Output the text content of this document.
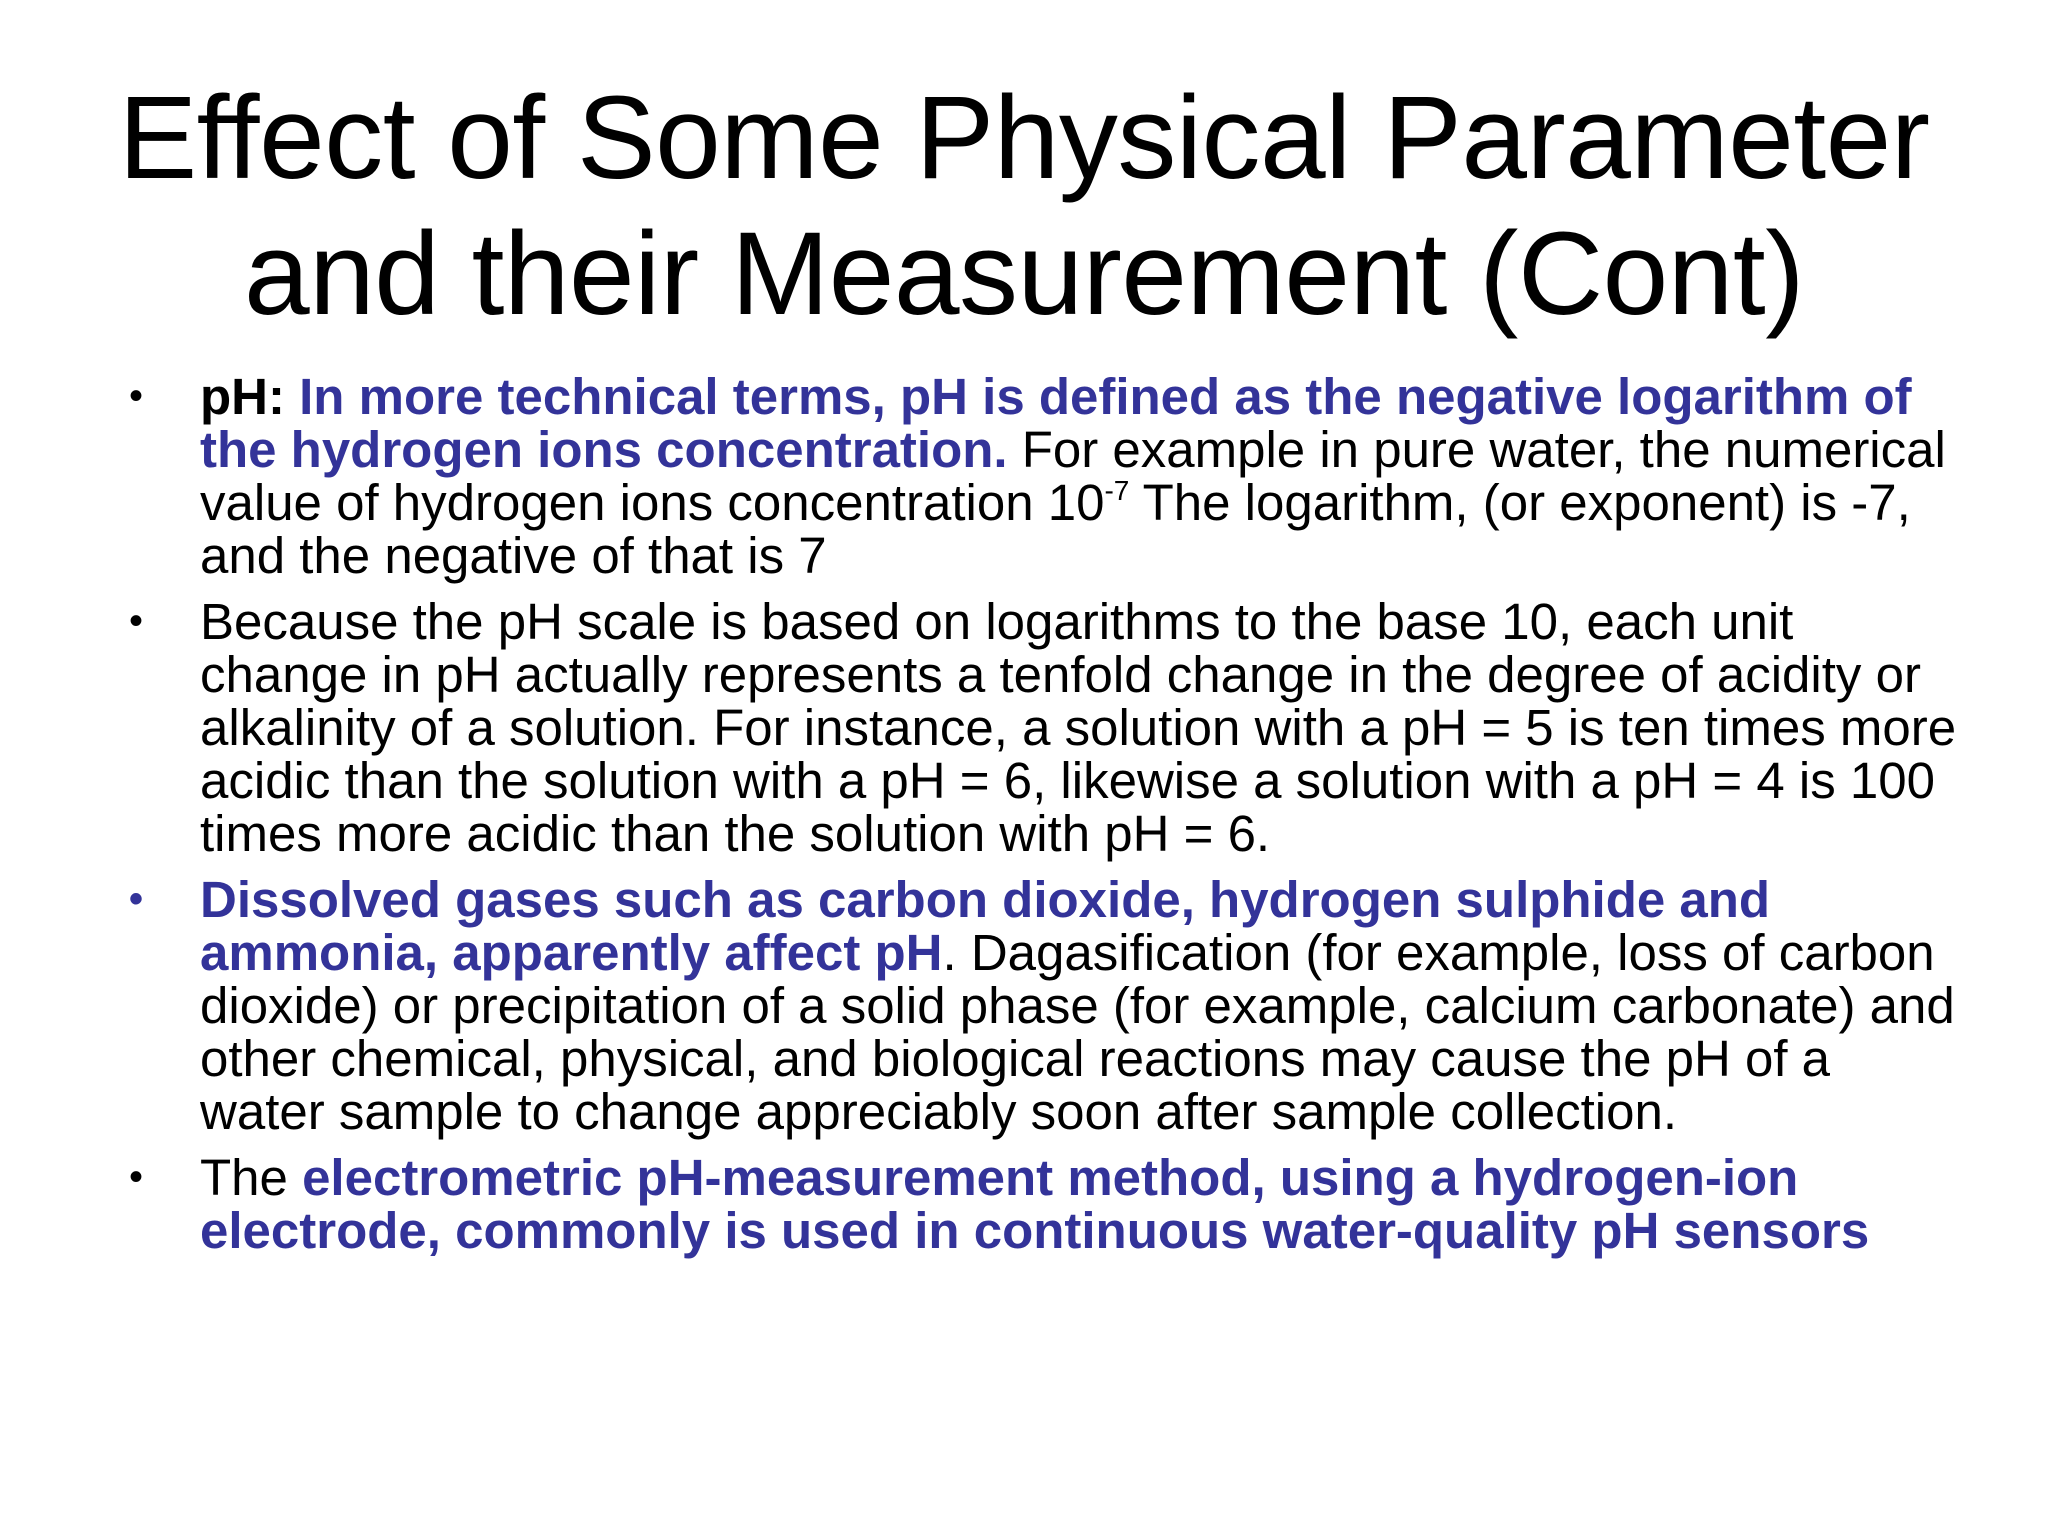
Effect of Some Physical Parameter
and their Measurement (Cont)
• pH: In more technical terms, pH is defined as the negative logarithm of the hydrogen ions concentration. For example in pure water, the numerical value of hydrogen ions concentration $10^{-7}$ The logarithm, (or exponent) is -7, and the negative of that is 7
• Because the pH scale is based on logarithms to the base 10, each unit change in pH actually represents a tenfold change in the degree of acidity or alkalinity of a solution. For instance, a solution with a pH = 5 is ten times more acidic than the solution with a pH = 6, likewise a solution with a pH = 4 is 100 times more acidic than the solution with pH = 6.
• Dissolved gases such as carbon dioxide, hydrogen sulphide and ammonia, apparently affect pH. Dagasification (for example, loss of carbon dioxide) or precipitation of a solid phase (for example, calcium carbonate) and other chemical, physical, and biological reactions may cause the pH of a water sample to change appreciably soon after sample collection.
• The electrometric pH-measurement method, using a hydrogen-ion electrode, commonly is used in continuous water-quality pH sensors
